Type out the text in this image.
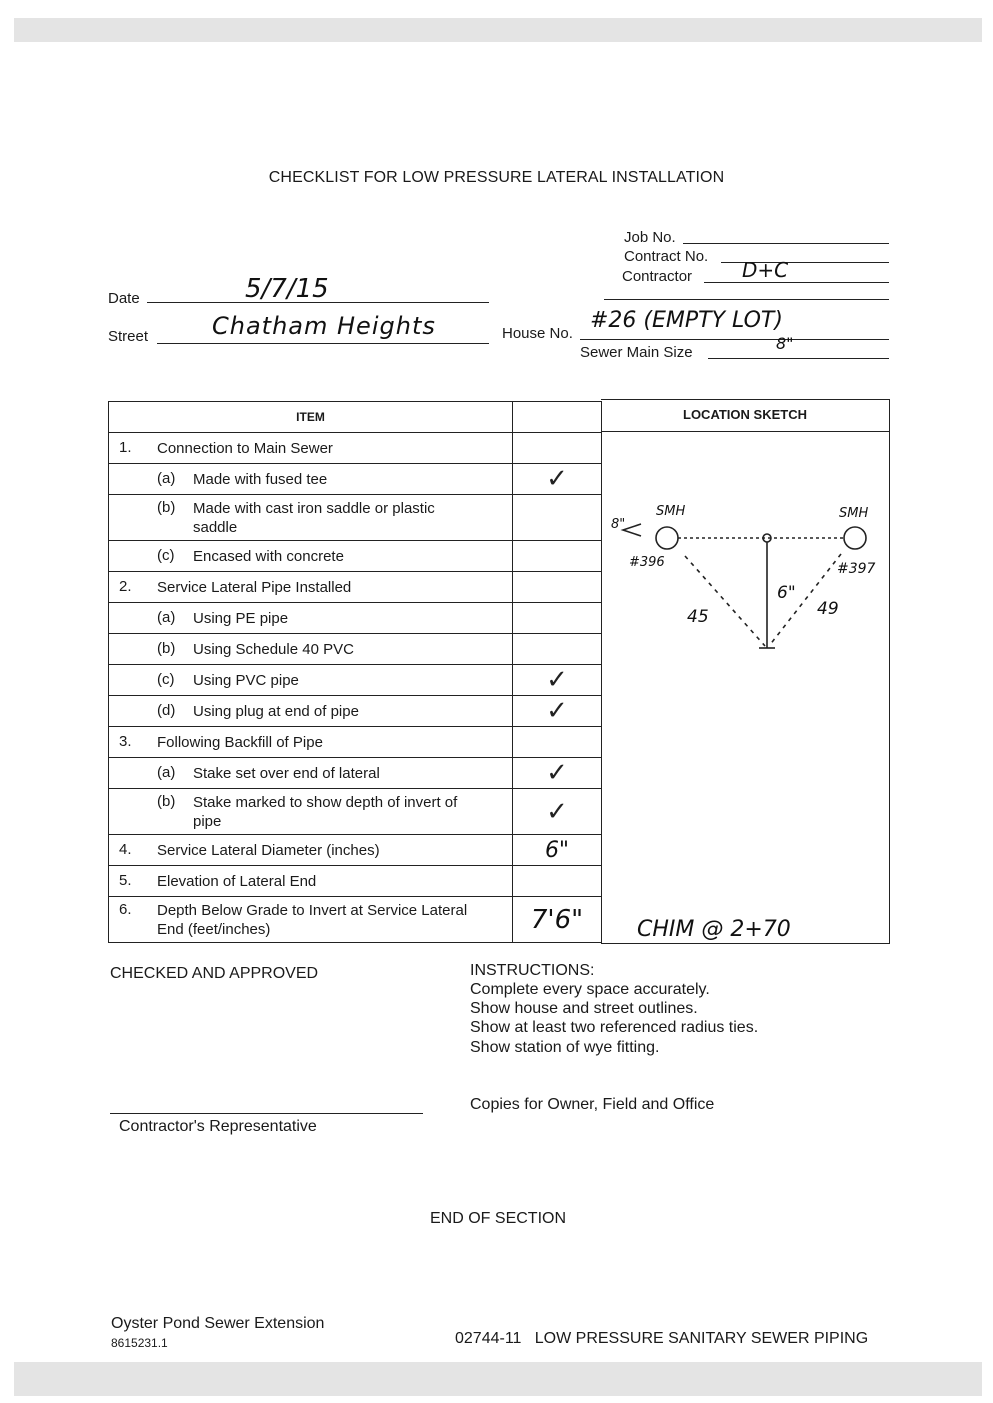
CHECKLIST FOR LOW PRESSURE LATERAL INSTALLATION
Job No.
Contract No.
Contractor D+C
Date	5/7/15
Street	Chatham Heights	House No.
#26 (EMPTY LOT)
Sewer Main Size	8"
ITEM	

1. Connection to Main Sewer	

(a) Made with fused tee	✓

(b) Made with cast iron saddle or plastic
saddle	

(c) Encased with concrete	

2. Service Lateral Pipe Installed	

(a) Using PE pipe	

(b) Using Schedule 40 PVC	

(c) Using PVC pipe	✓

(d) Using plug at end of pipe	✓

3. Following Backfill of Pipe	

(a) Stake set over end of lateral	✓

(b) Stake marked to show depth of invert of
pipe	✓

4. Service Lateral Diameter (inches)	6"

5. Elevation of Lateral End	

6. Depth Below Grade to Invert at Service Lateral
End (feet/inches)	7'6"
LOCATION SKETCH
SMH	SMH
8"
#396	#397
6"
45	49
CHIM @ 2+70
CHECKED AND APPROVED	INSTRUCTIONS:
Complete every space accurately.
Show house and street outlines.
Show at least two referenced radius ties.
Show station of wye fitting.
Copies for Owner, Field and Office
Contractor's Representative
END OF SECTION
Oyster Pond Sewer Extension
8615231.1	02744-11   LOW PRESSURE SANITARY SEWER PIPING
